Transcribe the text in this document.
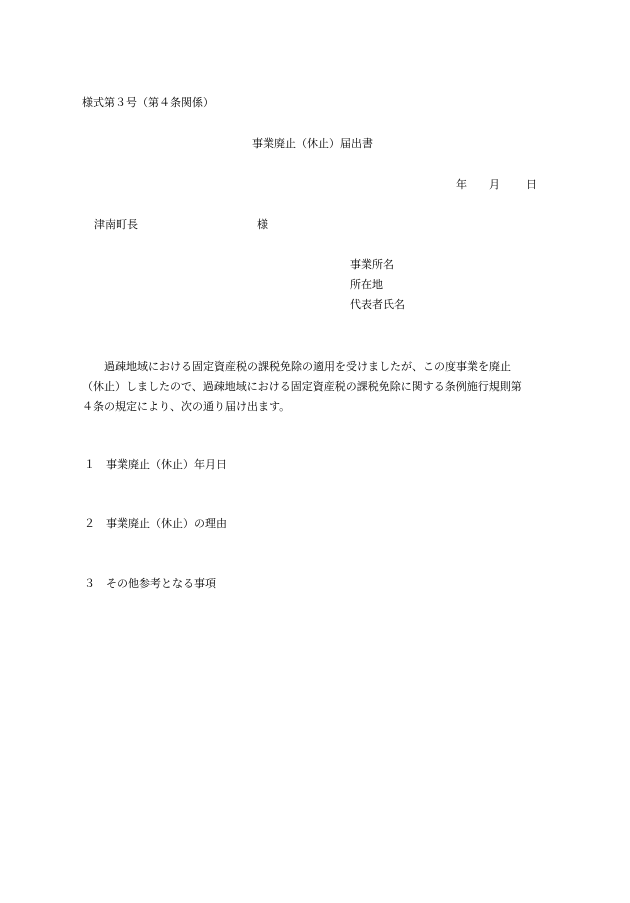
様式第３号（第４条関係）
事業廃止（休止）届出書
年 月 日
津南町長	様
事業所名
所在地
代表者氏名

過疎地域における固定資産税の課税免除の適用を受けましたが、この度事業を廃止

（休止）しましたので、過疎地域における固定資産税の課税免除に関する条例施行規則第

４条の規定により、次の通り届け出ます。

１ 事業廃止（休止）年月日
２ 事業廃止（休止）の理由
３ その他参考となる事項
